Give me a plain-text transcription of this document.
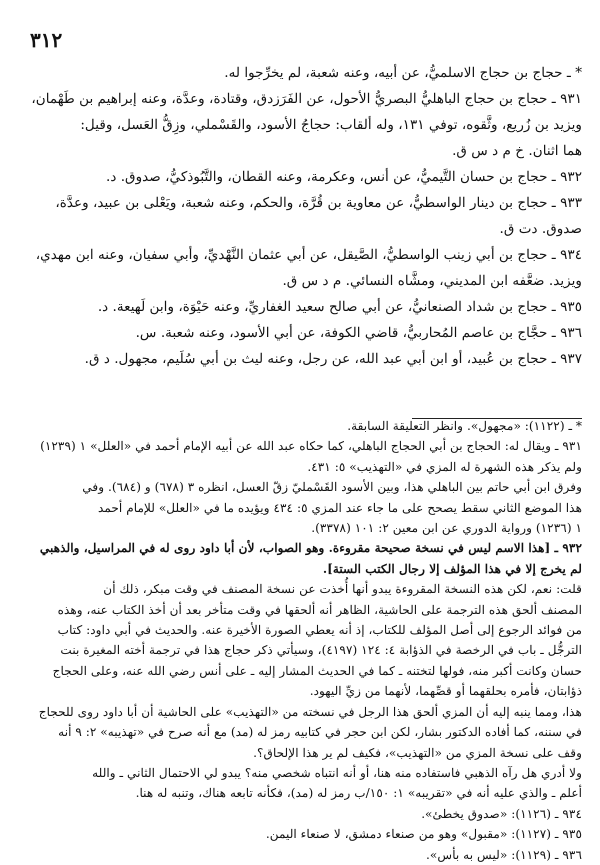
٣١٢

* ـ حجاج بن حجاج الاسلميُّ، عن أبيه، وعنه شعبة، لم يخرِّجوا له.

٩٣١ ـ حجاج بن حجاج الباهليُّ البصريُّ الأحول، عن الفَرَزدق، وقتادة، وعدَّة، وعنه إبراهيم بن طَهْمان،

ويزيد بن زُريع، وثَّقوه، توفي ١٣١، وله ألقاب: حجاجُ الأسود، والقَسْملي، وزِقُّ العَسل، وقيل:

هما اثنان. خ م د س ق.

٩٣٢ ـ حجاج بن حسان التَّيميُّ، عن أنس، وعكرمة، وعنه القطان، والتَّبُوذكيُّ، صدوق. د.

٩٣٣ ـ حجاج بن دينار الواسطيُّ، عن معاوية بن قُرَّة، والحكم، وعنه شعبة، ويَعْلى بن عبيد، وعدَّة،

صدوق. دت ق.

٩٣٤ ـ حجاج بن أبي زينب الواسطيُّ، الصَّيقل، عن أبي عثمان النَّهْديِّ، وأبي سفيان، وعنه ابن مهدي،

ويزيد. ضعَّفه ابن المديني، ومشَّاه النسائي. م د س ق.

٩٣٥ ـ حجاج بن شداد الصنعانيُّ، عن أبي صالح سعيد الغفاريِّ، وعنه حَيْوَة، وابن لَهيعة. د.

٩٣٦ ـ حجَّاج بن عاصم المُحاربيُّ، قاضي الكوفة، عن أبي الأسود، وعنه شعبة. س.

٩٣٧ ـ حجاج بن عُبيد، أو ابن أبي عبد الله، عن رجل، وعنه ليث بن أبي سُلَيم، مجهول. د ق.

* ـ (١١٢٢): «مجهول». وانظر التعليقة السابقة.

٩٣١ ـ ويقال له: الحجاج بن أبي الحجاج الباهلي، كما حكاه عبد الله عن أبيه الإمام أحمد في «العلل» ١ (١٢٣٩)

ولم يذكر هذه الشهرة له المزي في «التهذيب» ٥: ٤٣١.

وفرق ابن أبي حاتم بين الباهلي هذا، وبين الأسود القَسْمليّ زقّ العسل، انظره ٣ (٦٧٨) و (٦٨٤). وفي

هذا الموضع الثاني سقط يصحح على ما جاء عند المزي ٥: ٤٣٤ ويؤيده ما في «العلل» للإمام أحمد

١ (١٢٣٦) ورواية الدوري عن ابن معين ٢: ١٠١ (٣٣٧٨).

٩٣٢ ـ [هذا الاسم ليس في نسخة صحيحة مقروءة. وهو الصواب، لأن أبا داود روى له في المراسيل، والذهبي

لم يخرج إلا في هذا المؤلف إلا رجال الكتب الستة].

قلت: نعم، لكن هذه النسخة المقروءة يبدو أنها أُخذت عن نسخة المصنف في وقت مبكر، ذلك أن

المصنف ألحق هذه الترجمة على الحاشية، الظاهر أنه ألحقها في وقت متأخر بعد أن أخذ الكتاب عنه، وهذه

من فوائد الرجوع إلى أصل المؤلف للكتاب، إذ أنه يعطي الصورة الأخيرة عنه. والحديث في أبي داود: كتاب

الترجُّل ـ باب في الرخصة في الذؤابة ٤: ١٢٤ (٤١٩٧)، وسيأتي ذكر حجاج هذا في ترجمة أخته المغيرة بنت

حسان وكانت أكبر منه، فولها لتختنه ـ كما في الحديث المشار إليه ـ على أنس رضي الله عنه، وعلى الحجاج

ذؤابتان، فأمره بحلقهما أو قصِّهما، لأنهما من زيِّ اليهود.

هذا، ومما ينبه إليه أن المزي ألحق هذا الرجل في نسخته من «التهذيب» على الحاشية أن أبا داود روى للحجاج

في سننه، كما أفاده الدكتور بشار، لكن ابن حجر في كتابيه رمز له (مد) مع أنه صرح في «تهذيبه» ٢: ٩ أنه

وقف على نسخة المزي من «التهذيب»، فكيف لم ير هذا الإلحاق؟.

ولا أدري هل رآه الذهبي فاستفاده منه هنا، أو أنه انتباه شخصي منه؟ يبدو لي الاحتمال الثاني ـ والله

أعلم ـ والذي عليه أنه في «تقريبه» ١: ١٥٠/ب رمز له (مد)، فكأنه تابعه هناك، وتنبه له هنا.

٩٣٤ ـ (١١٢٦): «صدوق يخطئ».

٩٣٥ ـ (١١٢٧): «مقبول» وهو من صنعاء دمشق، لا صنعاء اليمن.

٩٣٦ ـ (١١٢٩): «ليس به بأس».
